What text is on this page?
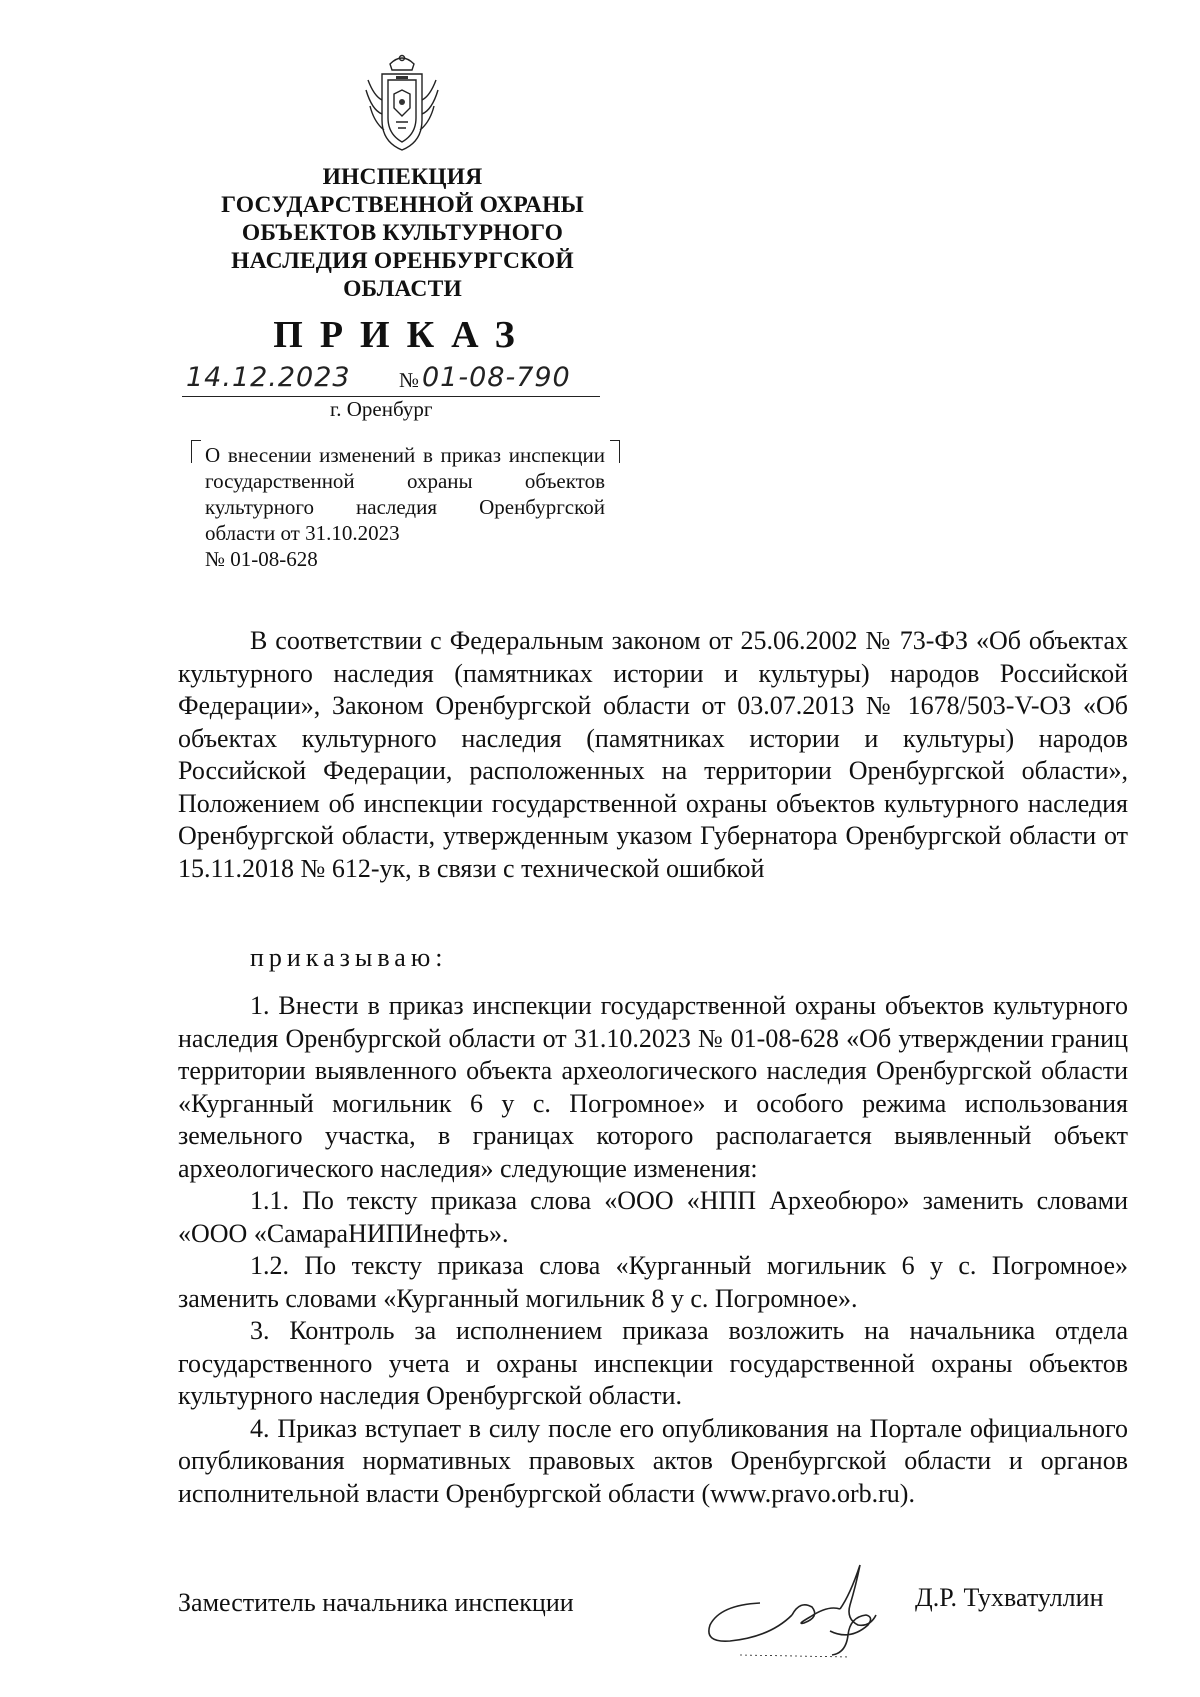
ИНСПЕКЦИЯ
ГОСУДАРСТВЕННОЙ ОХРАНЫ
ОБЪЕКТОВ КУЛЬТУРНОГО
НАСЛЕДИЯ ОРЕНБУРГСКОЙ
ОБЛАСТИ
ПРИКАЗ
14.12.2023 № 01-08-790
г. Оренбург

О внесении изменений в приказ инспекции государственной охраны объектов культурного наследия Оренбургской области от 31.10.2023

№ 01-08-628

В соответствии с Федеральным законом от 25.06.2002 № 73-ФЗ «Об объектах культурного наследия (памятниках истории и культуры) народов Российской Федерации», Законом Оренбургской области от 03.07.2013 № 1678/503-V-ОЗ «Об объектах культурного наследия (памятниках истории и культуры) народов Российской Федерации, расположенных на территории Оренбургской области», Положением об инспекции государственной охраны объектов культурного наследия Оренбургской области, утвержденным указом Губернатора Оренбургской области от 15.11.2018 № 612-ук, в связи с технической ошибкой

приказываю:

1. Внести в приказ инспекции государственной охраны объектов культурного наследия Оренбургской области от 31.10.2023 № 01-08-628 «Об утверждении границ территории выявленного объекта археологического наследия Оренбургской области «Курганный могильник 6 у с. Погромное» и особого режима использования земельного участка, в границах которого располагается выявленный объект археологического наследия» следующие изменения:

1.1. По тексту приказа слова «ООО «НПП Археобюро» заменить словами «ООО «СамараНИПИнефть».

1.2. По тексту приказа слова «Курганный могильник 6 у с. Погромное» заменить словами «Курганный могильник 8 у с. Погромное».

3. Контроль за исполнением приказа возложить на начальника отдела государственного учета и охраны инспекции государственной охраны объектов культурного наследия Оренбургской области.

4. Приказ вступает в силу после его опубликования на Портале официального опубликования нормативных правовых актов Оренбургской области и органов исполнительной власти Оренбургской области (www.pravo.orb.ru).

Заместитель начальника инспекции	Д.Р. Тухватуллин
